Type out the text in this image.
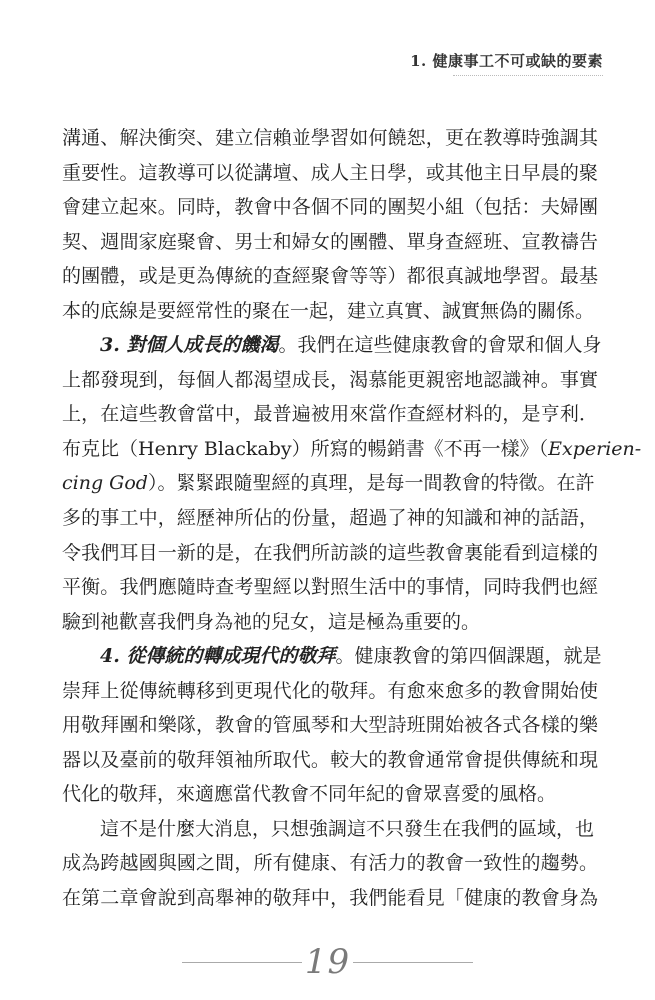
1. 健康事工不可或缺的要素
溝通、解決衝突、建立信賴並學習如何饒恕，更在教導時強調其
重要性。這教導可以從講壇、成人主日學，或其他主日早晨的聚
會建立起來。同時，教會中各個不同的團契小組（包括：夫婦團
契、週間家庭聚會、男士和婦女的團體、單身查經班、宣教禱告
的團體，或是更為傳統的查經聚會等等）都很真誠地學習。最基
本的底線是要經常性的聚在一起，建立真實、誠實無偽的關係。
3. 對個人成長的饑渴。我們在這些健康教會的會眾和個人身
上都發現到，每個人都渴望成長，渴慕能更親密地認識神。事實
上，在這些教會當中，最普遍被用來當作查經材料的，是亨利．
布克比（Henry Blackaby）所寫的暢銷書《不再一樣》（Experien-
cing God）。緊緊跟隨聖經的真理，是每一間教會的特徵。在許
多的事工中，經歷神所佔的份量，超過了神的知識和神的話語，
令我們耳目一新的是，在我們所訪談的這些教會裏能看到這樣的
平衡。我們應隨時查考聖經以對照生活中的事情，同時我們也經
驗到祂歡喜我們身為祂的兒女，這是極為重要的。
4. 從傳統的轉成現代的敬拜。健康教會的第四個課題，就是
崇拜上從傳統轉移到更現代化的敬拜。有愈來愈多的教會開始使
用敬拜團和樂隊，教會的管風琴和大型詩班開始被各式各樣的樂
器以及臺前的敬拜領袖所取代。較大的教會通常會提供傳統和現
代化的敬拜，來適應當代教會不同年紀的會眾喜愛的風格。
這不是什麼大消息，只想強調這不只發生在我們的區域，也
成為跨越國與國之間，所有健康、有活力的教會一致性的趨勢。
在第二章會說到高舉神的敬拜中，我們能看見「健康的教會身為
19
